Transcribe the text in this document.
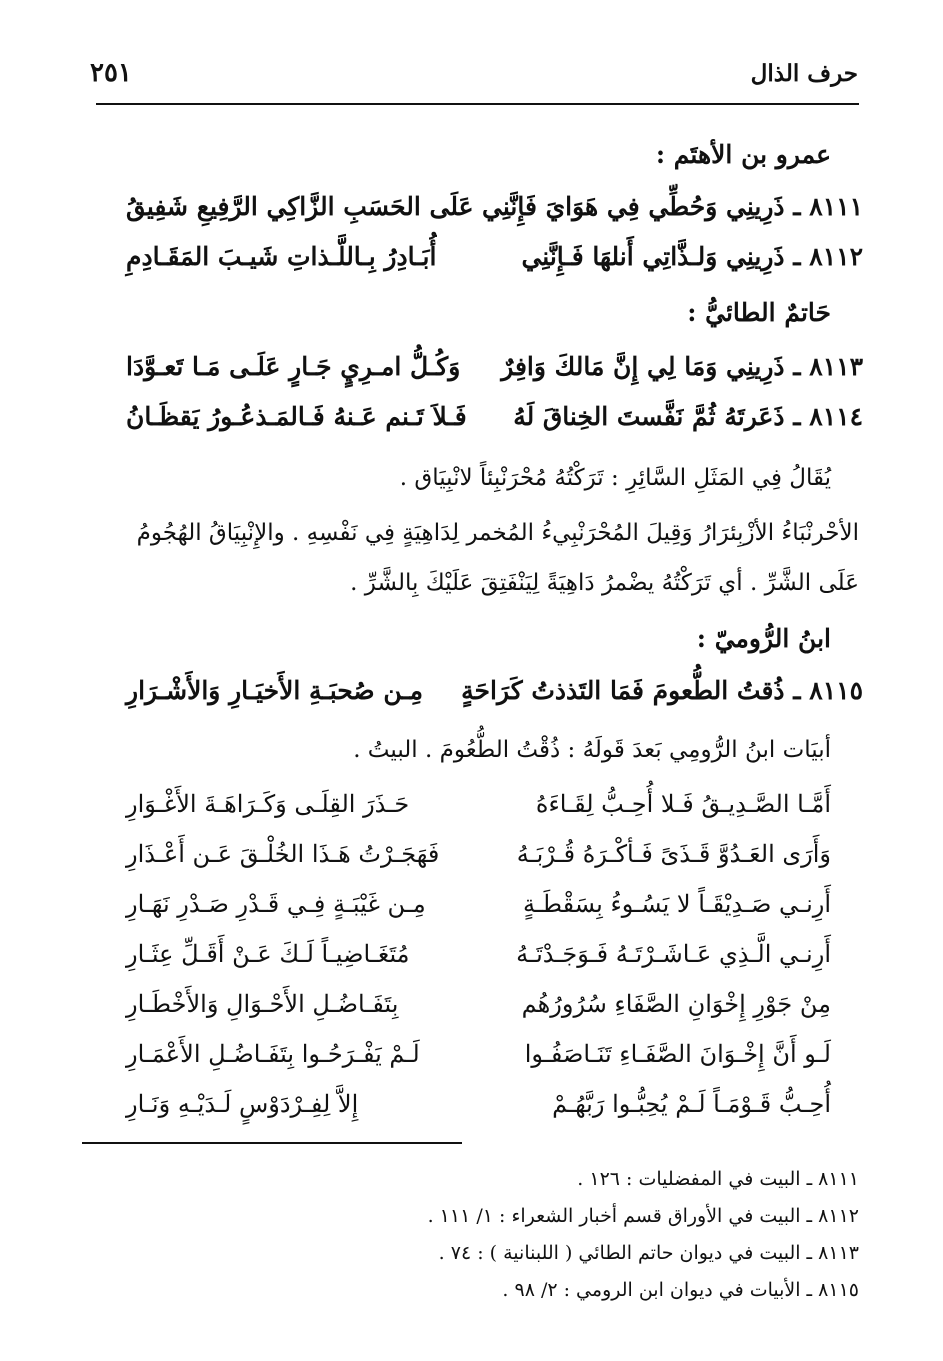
حرف الذال
٢٥١
عمرو بن الأهتَم :
٨١١١ ـ ذَرِينِي وَحُطِّي فِي هَوَايَ فَإِنَّنِي
عَلَى الحَسَبِ الزَّاكِي الرَّفِيعِ شَفِيقُ
٨١١٢ ـ ذَرِينِي وَلـذَّاتِي أَنلهَا فَـإِنَّنِي
أُبَـادِرُ بِـاللَّـذاتِ شَيـبَ المَقَـادِمِ
حَاتمٌ الطائيُّ :
٨١١٣ ـ ذَرِينِي وَمَا لِي إِنَّ مَالكَ وَافِرٌ
وَكُـلُّ امـرِيٍ جَـارٍ عَلَـى مَـا تَعـوَّدَا
٨١١٤ ـ ذَعَرتَهُ ثُمَّ نَفَّستَ الخِناقَ لَهُ
فَـلاَ تَـنم عَـنهُ فَـالمَـذعُـورُ يَقظَـانُ
يُقَالُ فِي المَثَلِ السَّائِرِ : تَرَكْتُهُ مُحْرَنْبِئاً لانْبِيَاق .
الأحْرنْبَاءُ الأزْبِئرَارُ وَقِيلَ المُحْرَنْبِيءُ المُخمر لِدَاهِيَةٍ فِي نَفْسِهِ . والإِنْبِيَاقُ الهُجُومُ
عَلَى الشَّرِّ . أي تَرَكْتُهُ يضْمرُ دَاهِيَةً لِيَنْفَتِقَ عَلَيْكَ بِالشَّرِّ .
ابنُ الرُّوميّ :
٨١١٥ ـ ذُقتُ الطُّعومَ فَمَا التَذذتُ كَرَاحَةٍ
مِـن صُحبَـةِ الأَخيَـارِ وَالأَشْـرَارِ
أبيَات ابنُ الرُّومِي بَعدَ قَولَهُ : ذُقْتُ الطُّعُومَ . البيتُ .
أَمَّـا الصَّـدِيـقُ فَـلا أُحِـبُّ لِقَـاءَهُ
حَـذَرَ القِلَـى وَكَـرَاهَـةَ الأَغْـوَارِ
وَأَرَى العَـدُوَّ قَـذَىً فَـأكْـرَهُ قُـرْبَـهُ
فَهَجَـرْتُ هَـذَا الخُلْـقَ عَـن أَعْـذَارِ
أَرِنـي صَـدِيْقَـاً لا يَسُـوءُ بِسَقْطَـةٍ
مِـن غَيْبَـةٍ فِـي قَـدْرِ صَـدْرِ نَهَـارِ
أَرِنـي الَّـذِي عَـاشَـرْتَـهُ فَـوَجَـدْتَـهُ
مُتَغَـاضِيـاً لَـكَ عَـنْ أَقَـلِّ عِثَـارِ
مِنْ جَوْرِ إِخْوَانِ الصَّفَاءِ سُرُورُهُم
بِتَفَـاضُـلِ الأَحْـوَالِ وَالأَخْطَـارِ
لَـو أَنَّ إِخْـوَانَ الصَّفَـاءِ تَنَـاصَفُـوا
لَـمْ يَفْـرَحُـوا بِتَفَـاضُـلِ الأَعْمَـارِ
أُحِـبُّ قَـوْمَـاً لَـمْ يُحِبُّـوا رَبَّهُـمْ
إِلاَّ لِفِـرْدَوْسٍ لَـدَيْـهِ وَنَـارِ
٨١١١ ـ البيت في المفضليات : ١٢٦ .
٨١١٢ ـ البيت في الأوراق قسم أخبار الشعراء : ١/ ١١١ .
٨١١٣ ـ البيت في ديوان حاتم الطائي ( اللبنانية ) : ٧٤ .
٨١١٥ ـ الأبيات في ديوان ابن الرومي : ٢/ ٩٨ .
